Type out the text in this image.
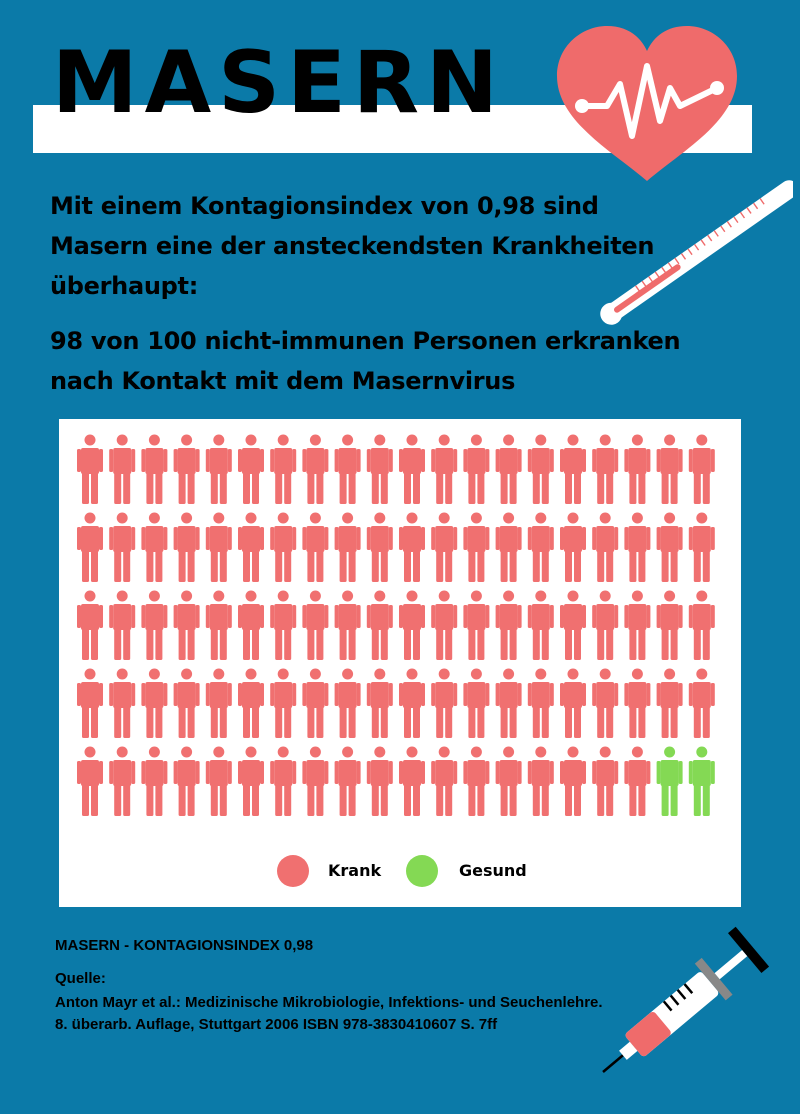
MASERN

Mit einem Kontagionsindex von 0,98 sind Masern eine der ansteckendsten Krankheiten überhaupt:

98 von 100 nicht-immunen Personen erkranken nach Kontakt mit dem Masernvirus

Krank	Gesund

MASERN - KONTAGIONSINDEX 0,98

Quelle:

Anton Mayr et al.: Medizinische Mikrobiologie, Infektions- und Seuchenlehre.
8. überarb. Auflage, Stuttgart 2006 ISBN 978-3830410607 S. 7ff
